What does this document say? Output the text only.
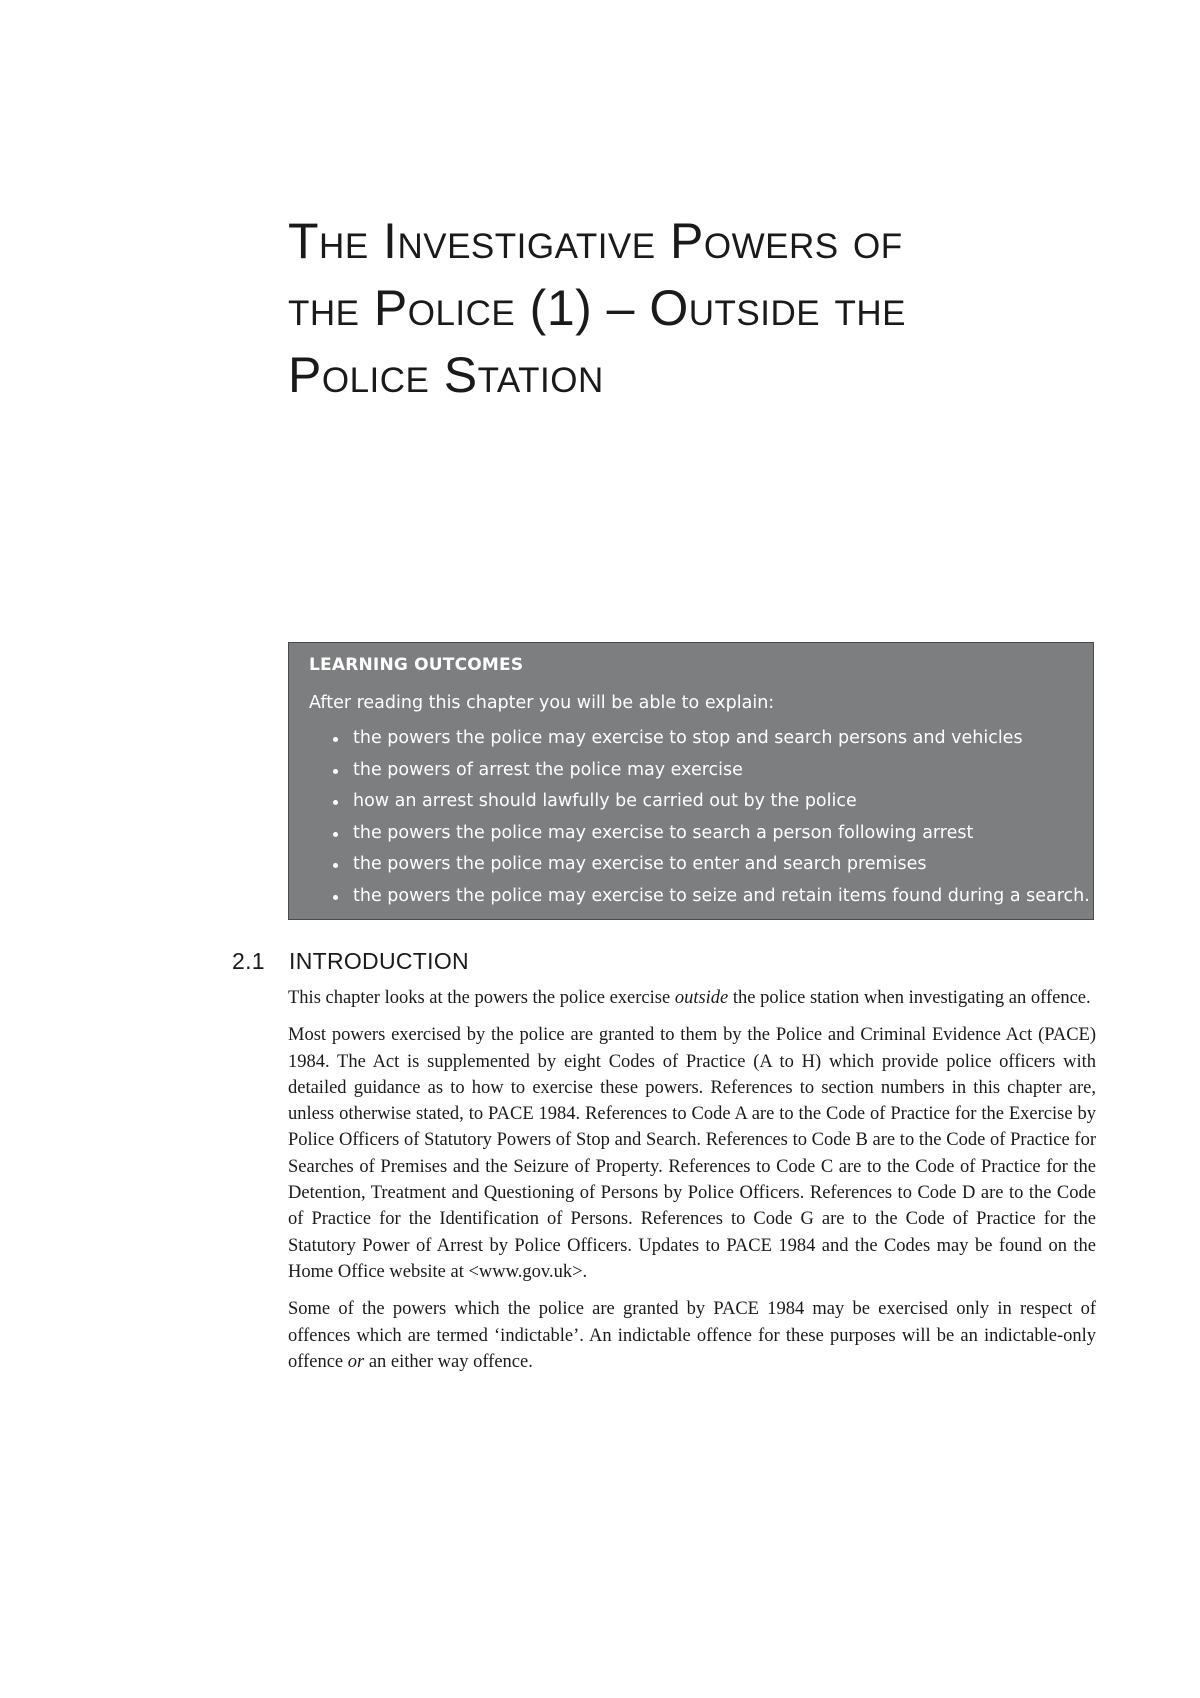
The Investigative Powers of
the Police (1) – Outside the
Police Station
LEARNING OUTCOMES

After reading this chapter you will be able to explain:

the powers the police may exercise to stop and search persons and vehicles
the powers of arrest the police may exercise
how an arrest should lawfully be carried out by the police
the powers the police may exercise to search a person following arrest
the powers the police may exercise to enter and search premises
the powers the police may exercise to seize and retain items found during a search.
2.1 INTRODUCTION

This chapter looks at the powers the police exercise outside the police station when investigating an offence.

Most powers exercised by the police are granted to them by the Police and Criminal Evidence Act (PACE) 1984. The Act is supplemented by eight Codes of Practice (A to H) which provide police officers with detailed guidance as to how to exercise these powers. References to section numbers in this chapter are, unless otherwise stated, to PACE 1984. References to Code A are to the Code of Practice for the Exercise by Police Officers of Statutory Powers of Stop and Search. References to Code B are to the Code of Practice for Searches of Premises and the Seizure of Property. References to Code C are to the Code of Practice for the Detention, Treatment and Questioning of Persons by Police Officers. References to Code D are to the Code of Practice for the Identification of Persons. References to Code G are to the Code of Practice for the Statutory Power of Arrest by Police Officers. Updates to PACE 1984 and the Codes may be found on the Home Office website at <www.gov.uk>.

Some of the powers which the police are granted by PACE 1984 may be exercised only in respect of offences which are termed ‘indictable’. An indictable offence for these purposes will be an indictable-only offence or an either way offence.
